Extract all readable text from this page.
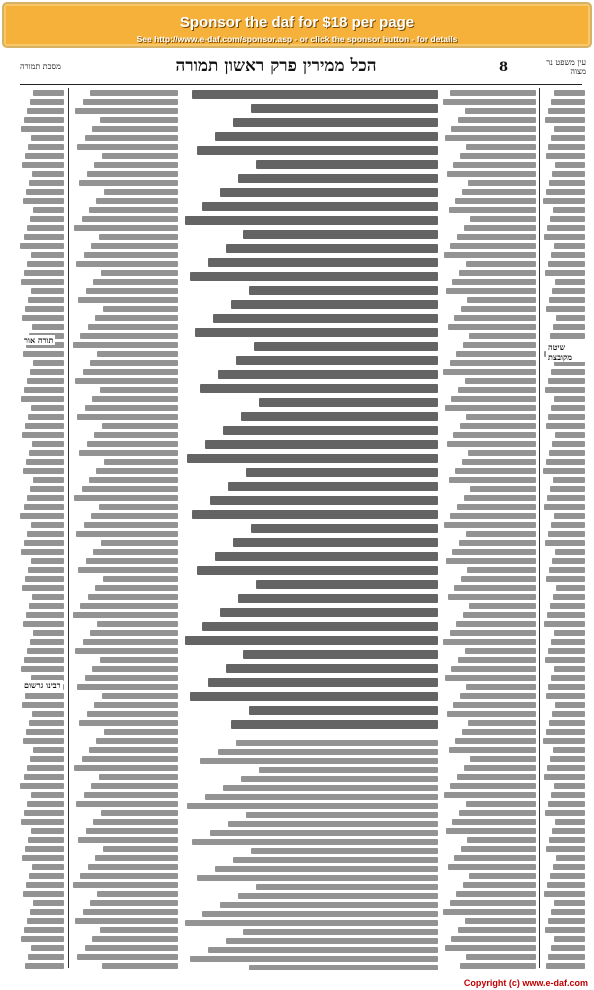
Sponsor the daf for $18 per page
See http://www.e-daf.com/sponsor.asp - or click the sponsor button - for details
מסכת תמורה	הכל ממירין פרק ראשון תמורה	8	עין משפט נר מצוה
רבינו גרשום
שיטה מקובצת
תורה אור
Copyright (c) www.e-daf.com
